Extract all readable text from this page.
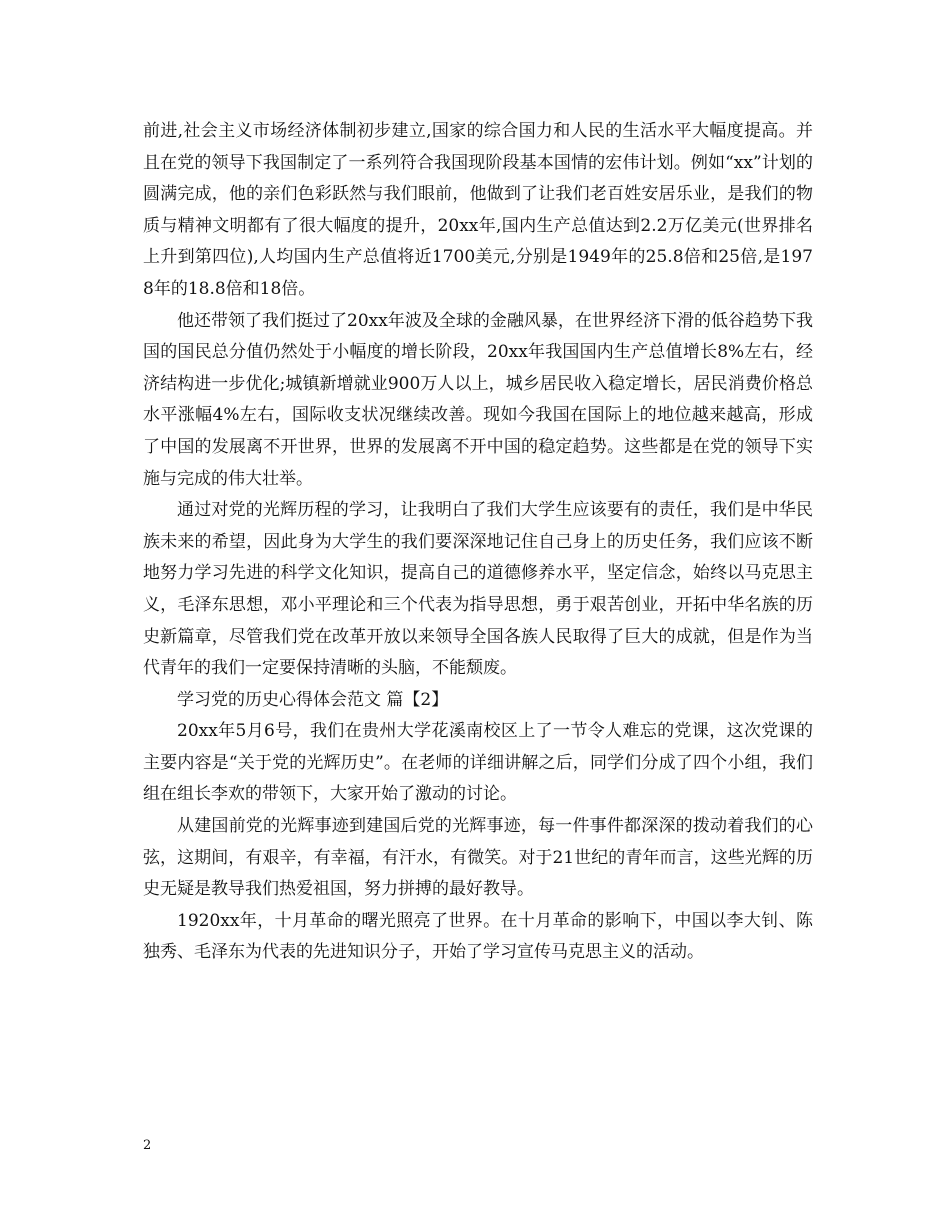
前进,社会主义市场经济体制初步建立,国家的综合国力和人民的生活水平大幅度提高。并且在党的领导下我国制定了一系列符合我国现阶段基本国情的宏伟计划。例如“xx”计划的圆满完成，他的亲们色彩跃然与我们眼前，他做到了让我们老百姓安居乐业，是我们的物质与精神文明都有了很大幅度的提升，20xx年,国内生产总值达到2.2万亿美元(世界排名上升到第四位),人均国内生产总值将近1700美元,分别是1949年的25.8倍和25倍,是1978年的18.8倍和18倍。
他还带领了我们挺过了20xx年波及全球的金融风暴，在世界经济下滑的低谷趋势下我国的国民总分值仍然处于小幅度的增长阶段，20xx年我国国内生产总值增长8%左右，经济结构进一步优化;城镇新增就业900万人以上，城乡居民收入稳定增长，居民消费价格总水平涨幅4%左右，国际收支状况继续改善。现如今我国在国际上的地位越来越高，形成了中国的发展离不开世界，世界的发展离不开中国的稳定趋势。这些都是在党的领导下实施与完成的伟大壮举。
通过对党的光辉历程的学习，让我明白了我们大学生应该要有的责任，我们是中华民族未来的希望，因此身为大学生的我们要深深地记住自己身上的历史任务，我们应该不断地努力学习先进的科学文化知识，提高自己的道德修养水平，坚定信念，始终以马克思主义，毛泽东思想，邓小平理论和三个代表为指导思想，勇于艰苦创业，开拓中华名族的历史新篇章，尽管我们党在改革开放以来领导全国各族人民取得了巨大的成就，但是作为当代青年的我们一定要保持清晰的头脑，不能颓废。
学习党的历史心得体会范文 篇【2】
20xx年5月6号，我们在贵州大学花溪南校区上了一节令人难忘的党课，这次党课的主要内容是“关于党的光辉历史”。在老师的详细讲解之后，同学们分成了四个小组，我们组在组长李欢的带领下，大家开始了激动的讨论。
从建国前党的光辉事迹到建国后党的光辉事迹，每一件事件都深深的拨动着我们的心弦，这期间，有艰辛，有幸福，有汗水，有微笑。对于21世纪的青年而言，这些光辉的历史无疑是教导我们热爱祖国，努力拼搏的最好教导。
1920xx年，十月革命的曙光照亮了世界。在十月革命的影响下，中国以李大钊、陈独秀、毛泽东为代表的先进知识分子，开始了学习宣传马克思主义的活动。
2
